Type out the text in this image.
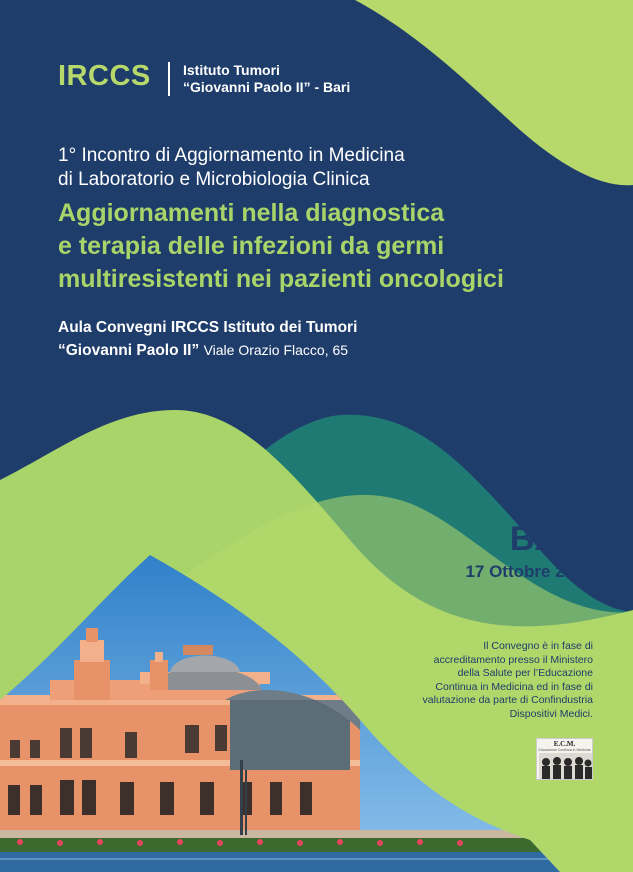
IRCCS Istituto Tumori
“Giovanni Paolo II” - Bari
1° Incontro di Aggiornamento in Medicina
di Laboratorio e Microbiologia Clinica
Aggiornamenti nella diagnostica
e terapia delle infezioni da germi
multiresistenti nei pazienti oncologici
Aula Convegni IRCCS Istituto dei Tumori
“Giovanni Paolo II” Viale Orazio Flacco, 65
BARI
17 Ottobre 2025
Il Convegno è in fase di
accreditamento presso il Ministero
della Salute per l’Educazione
Continua in Medicina ed in fase di
valutazione da parte di Confindustria
Dispositivi Medici.
E.C.M.
Educazione Continua in Medicina
